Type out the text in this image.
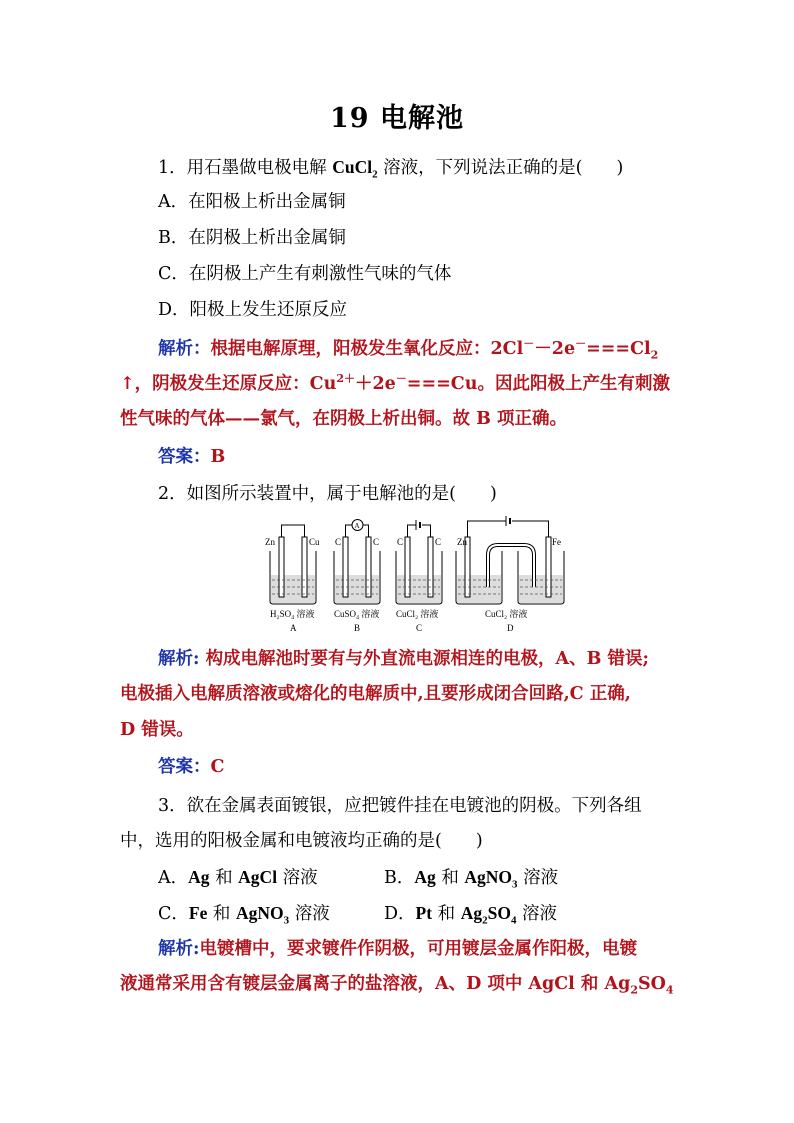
19 电解池
1．用石墨做电极电解 CuCl$_2$ 溶液，下列说法正确的是( )
A．在阳极上析出金属铜
B．在阴极上析出金属铜
C．在阴极上产生有刺激性气味的气体
D．阳极上发生还原反应
解析：根据电解原理，阳极发生氧化反应：$2Cl^--2e^-===Cl_2$
↑，阴极发生还原反应：$Cu^{2+}+2e^-===Cu$。因此阳极上产生有刺激
性气味的气体——氯气，在阴极上析出铜。故 B 项正确。
答案：B
2．如图所示装置中，属于电解池的是( )
Zn	Cu
H₂SO₄ 溶液
A
C	C
A
CuSO₄ 溶液
B
C	C
CuCl₂ 溶液
C
Zn	Fe
CuCl₂ 溶液
D
解析: 构成电解池时要有与外直流电源相连的电极，A、B 错误;
电极插入电解质溶液或熔化的电解质中,且要形成闭合回路,C 正确,
D 错误。
答案：C
3．欲在金属表面镀银，应把镀件挂在电镀池的阴极。下列各组
中，选用的阳极金属和电镀液均正确的是( )
A．Ag 和 AgCl 溶液	B．Ag 和 AgNO$_3$ 溶液
C．Fe 和 AgNO$_3$ 溶液	D．Pt 和 $Ag_2SO_4$ 溶液
解析:电镀槽中，要求镀件作阴极，可用镀层金属作阳极，电镀
液通常采用含有镀层金属离子的盐溶液，A、D 项中 AgCl 和 $Ag_2SO_4$
